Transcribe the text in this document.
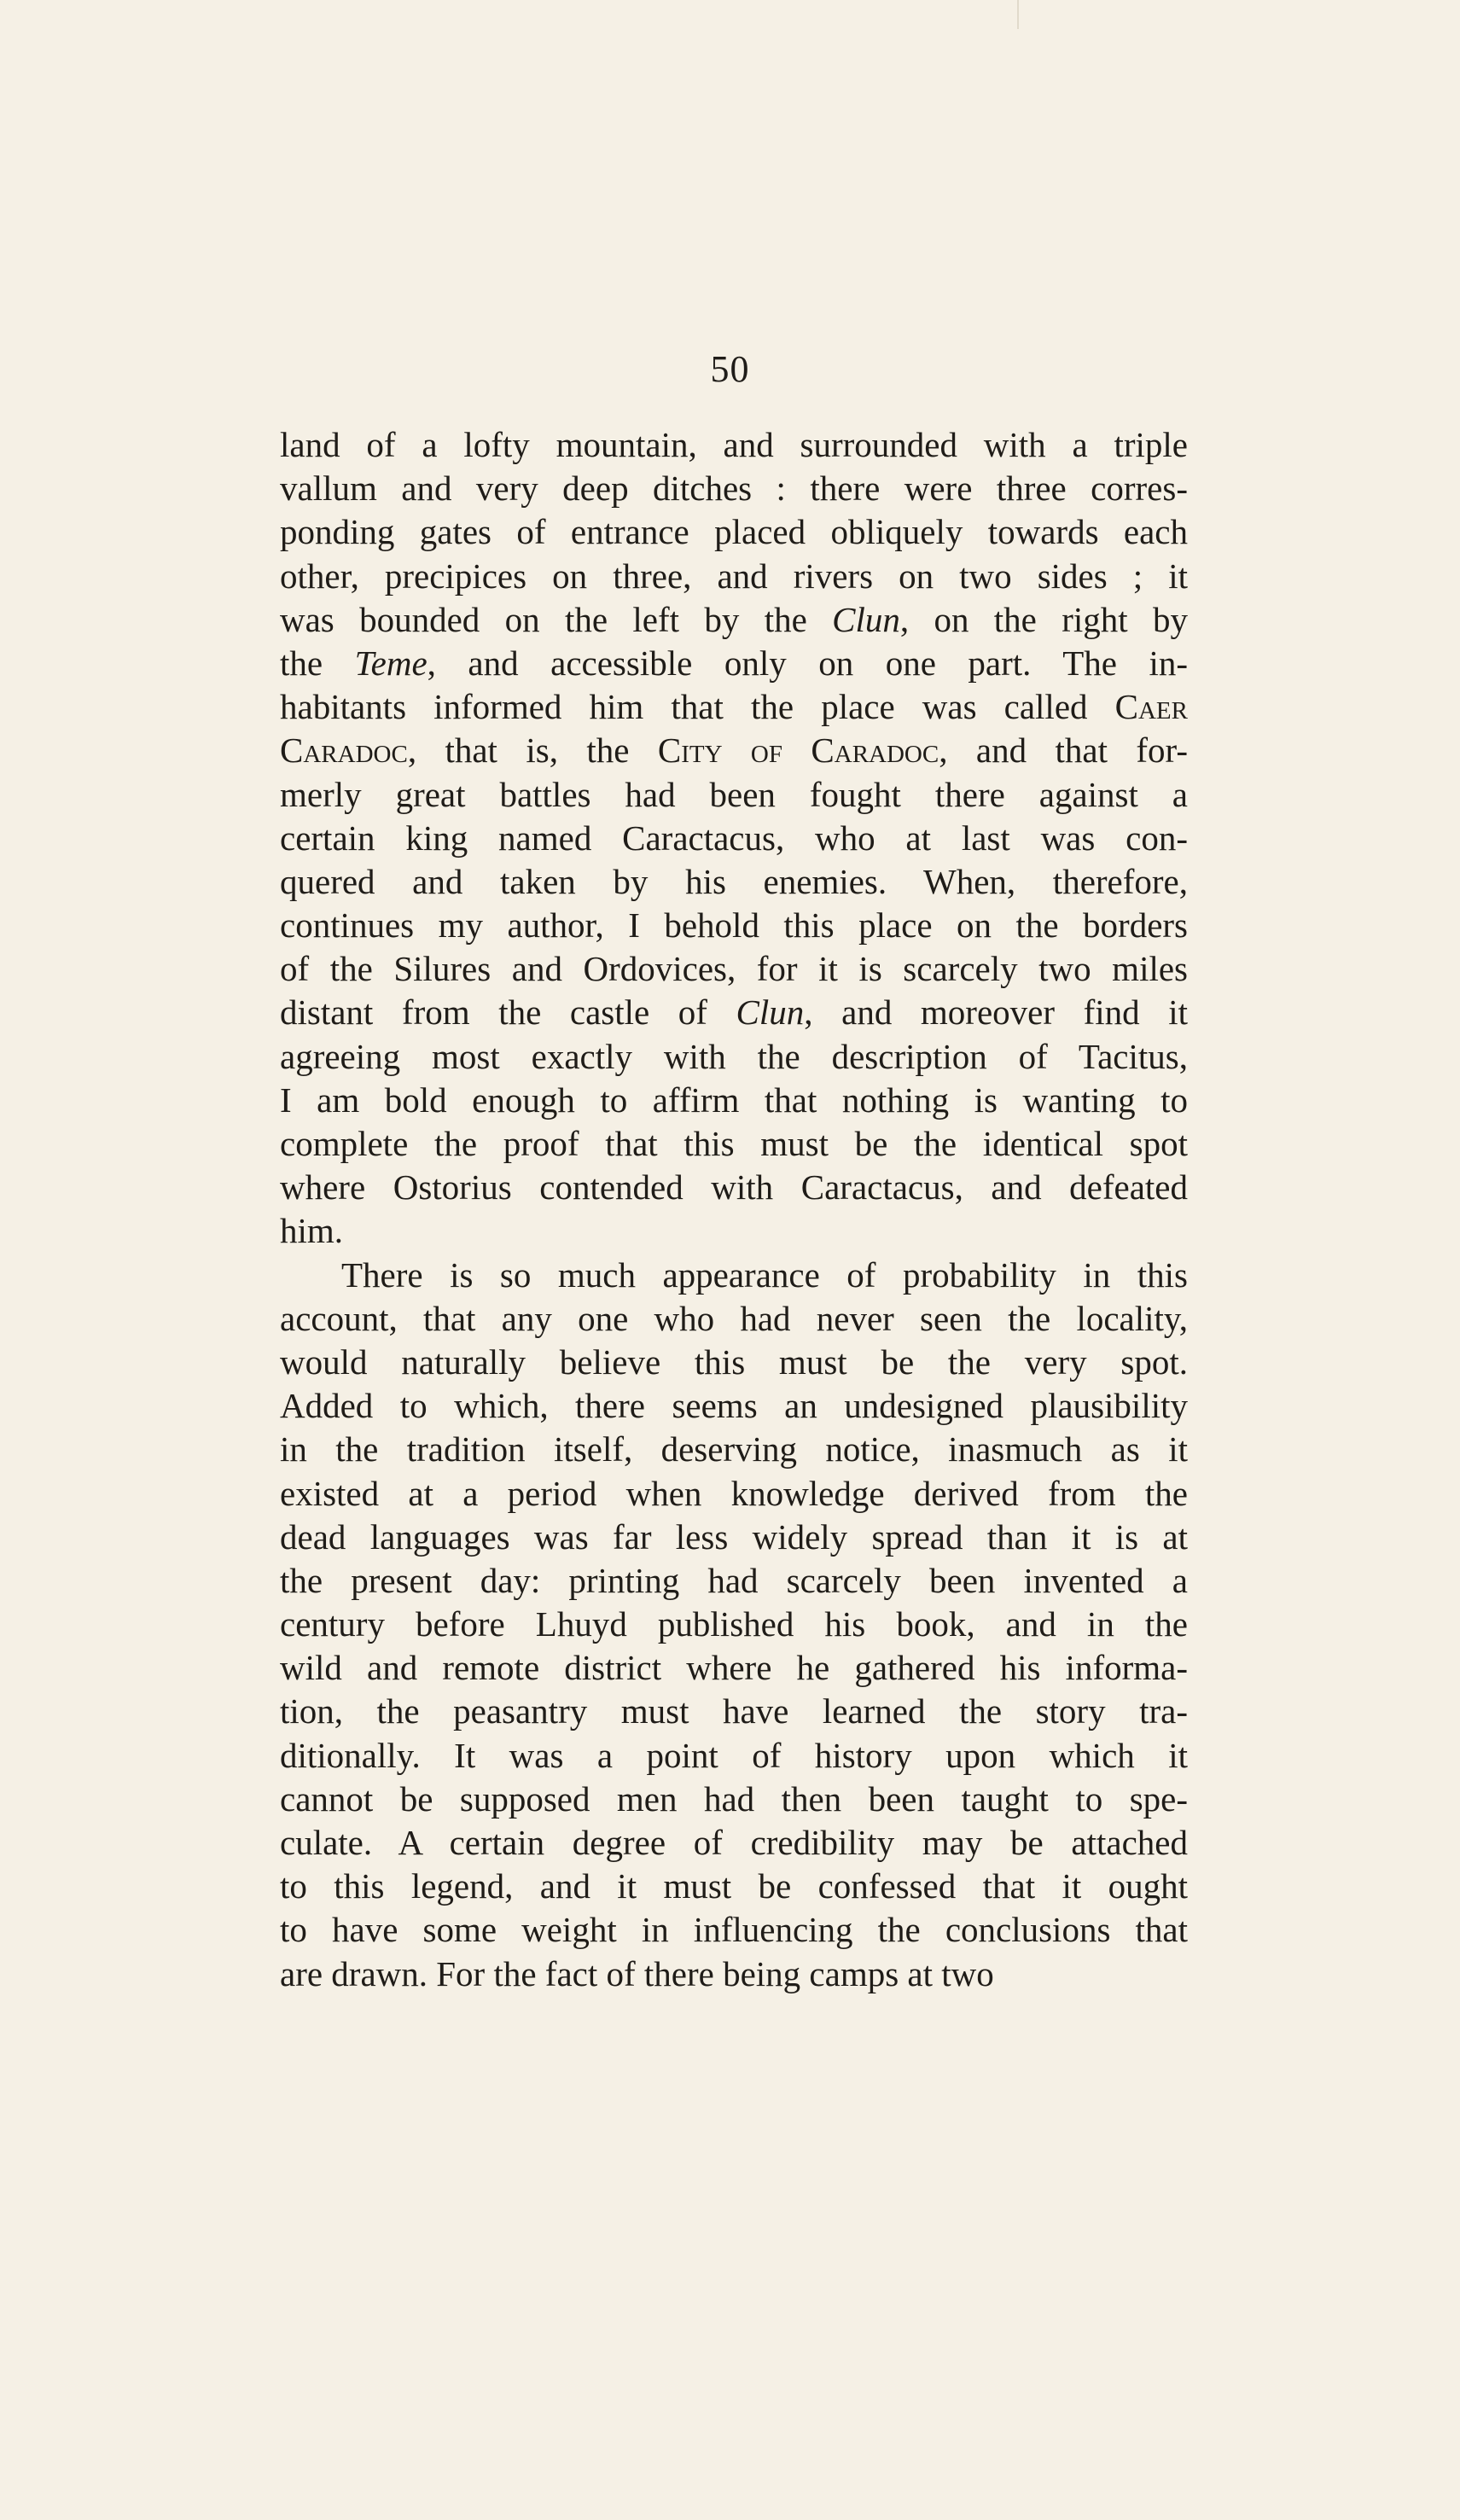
50
land of a lofty mountain, and surrounded with a triple
vallum and very deep ditches : there were three corres-
ponding gates of entrance placed obliquely towards each
other, precipices on three, and rivers on two sides ; it
was bounded on the left by the Clun, on the right by
the Teme, and accessible only on one part. The in-
habitants informed him that the place was called Caer
Caradoc, that is, the City of Caradoc, and that for-
merly great battles had been fought there against a
certain king named Caractacus, who at last was con-
quered and taken by his enemies. When, therefore,
continues my author, I behold this place on the borders
of the Silures and Ordovices, for it is scarcely two miles
distant from the castle of Clun, and moreover find it
agreeing most exactly with the description of Tacitus,
I am bold enough to affirm that nothing is wanting to
complete the proof that this must be the identical spot
where Ostorius contended with Caractacus, and defeated
him.
There is so much appearance of probability in this
account, that any one who had never seen the locality,
would naturally believe this must be the very spot.
Added to which, there seems an undesigned plausibility
in the tradition itself, deserving notice, inasmuch as it
existed at a period when knowledge derived from the
dead languages was far less widely spread than it is at
the present day: printing had scarcely been invented a
century before Lhuyd published his book, and in the
wild and remote district where he gathered his informa-
tion, the peasantry must have learned the story tra-
ditionally. It was a point of history upon which it
cannot be supposed men had then been taught to spe-
culate. A certain degree of credibility may be attached
to this legend, and it must be confessed that it ought
to have some weight in influencing the conclusions that
are drawn. For the fact of there being camps at two
